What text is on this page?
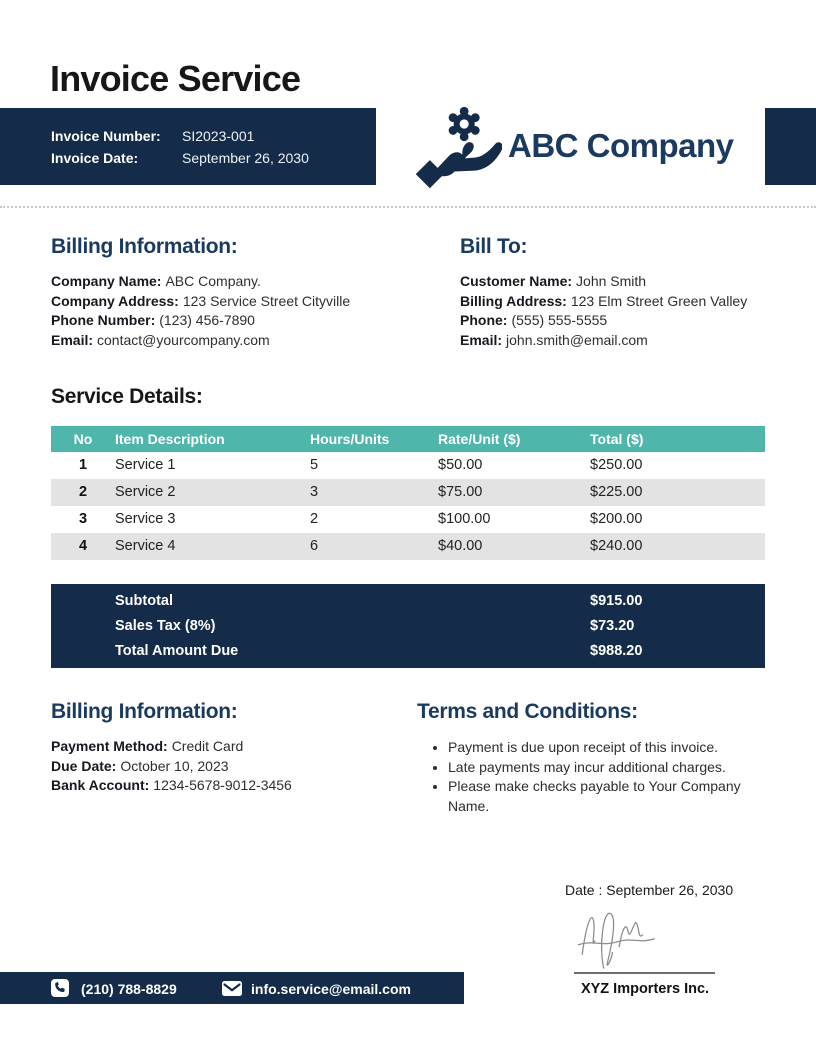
Invoice Service
Invoice Number:	SI2023-001
Invoice Date:	September 26, 2030	ABC Company
Billing Information:
Company Name: ABC Company.
Company Address: 123 Service Street Cityville
Phone Number: (123) 456-7890
Email: contact@yourcompany.com
Bill To:
Customer Name: John Smith
Billing Address: 123 Elm Street Green Valley
Phone: (555) 555-5555
Email: john.smith@email.com
Service Details:
No	Item Description	Hours/Units	Rate/Unit ($)	Total ($)
1	Service 1	5	$50.00	$250.00
2	Service 2	3	$75.00	$225.00
3	Service 3	2	$100.00	$200.00
4	Service 4	6	$40.00	$240.00
Subtotal	$915.00
Sales Tax (8%)	$73.20
Total Amount Due	$988.20
Billing Information:
Payment Method: Credit Card
Due Date: October 10, 2023
Bank Account: 1234-5678-9012-3456
Terms and Conditions:
• Payment is due upon receipt of this invoice.
• Late payments may incur additional charges.
• Please make checks payable to Your Company Name.
Date : September 26, 2030
XYZ Importers Inc.
(210) 788-8829	info.service@email.com
